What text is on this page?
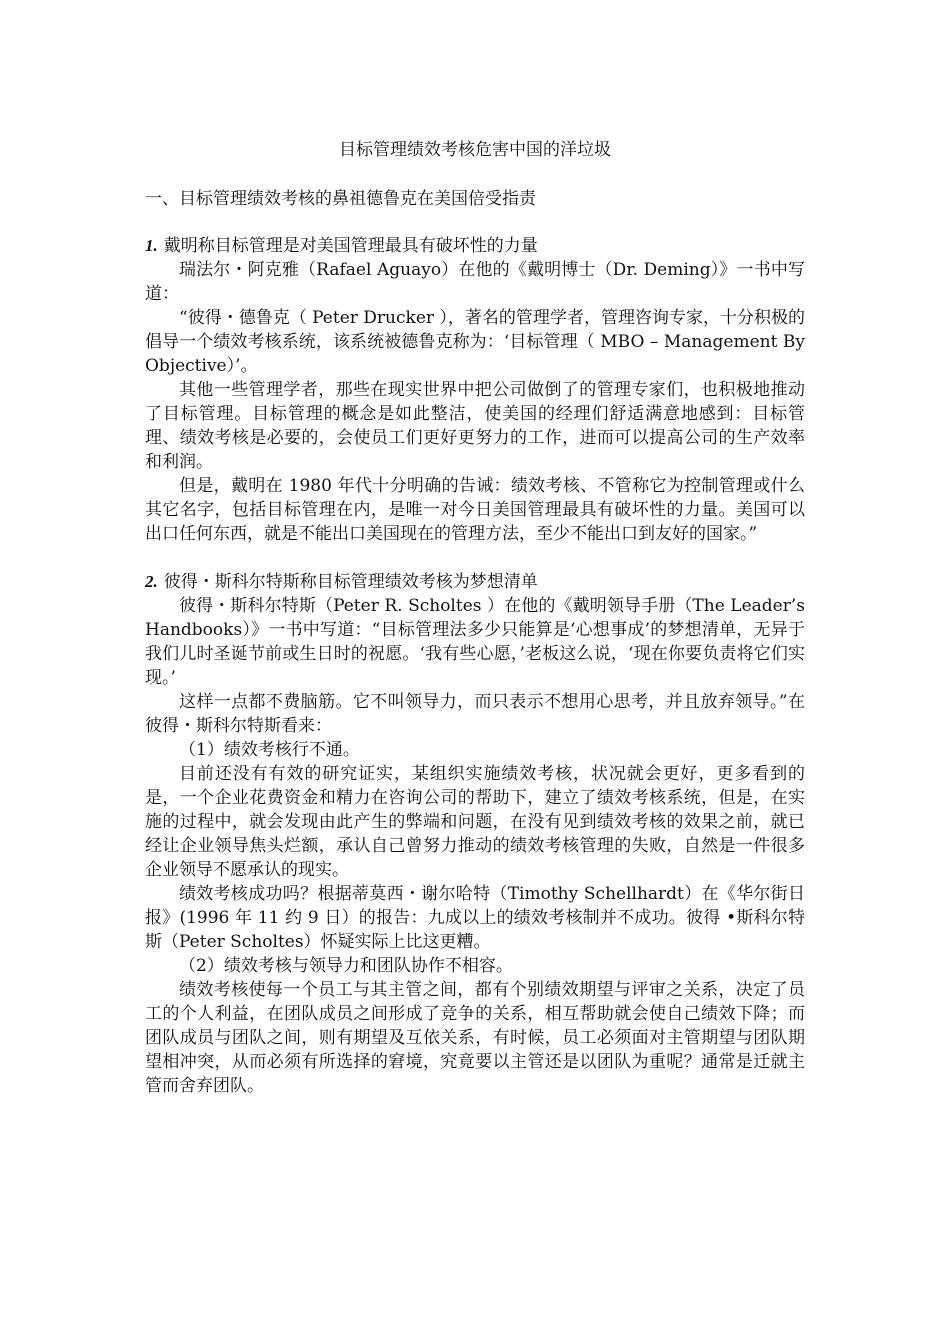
目标管理绩效考核危害中国的洋垃圾
一、目标管理绩效考核的鼻祖德鲁克在美国倍受指责
1. 戴明称目标管理是对美国管理最具有破坏性的力量

瑞法尔・阿克雅（Rafael Aguayo）在他的《戴明博士（Dr. Deming）》一书中写道：

“彼得・德鲁克（ Peter Drucker ），著名的管理学者，管理咨询专家，十分积极的倡导一个绩效考核系统，该系统被德鲁克称为：‘目标管理（ MBO – Management By Objective）’。

其他一些管理学者，那些在现实世界中把公司做倒了的管理专家们，也积极地推动了目标管理。目标管理的概念是如此整洁，使美国的经理们舒适满意地感到：目标管理、绩效考核是必要的，会使员工们更好更努力的工作，进而可以提高公司的生产效率和利润。

但是，戴明在 1980 年代十分明确的告诫：绩效考核、不管称它为控制管理或什么其它名字，包括目标管理在内，是唯一对今日美国管理最具有破坏性的力量。美国可以出口任何东西，就是不能出口美国现在的管理方法，至少不能出口到友好的国家。”

2. 彼得・斯科尔特斯称目标管理绩效考核为梦想清单

彼得・斯科尔特斯（Peter R. Scholtes ）在他的《戴明领导手册（The Leader’s Handbooks）》一书中写道：“目标管理法多少只能算是‘心想事成’的梦想清单，无异于我们儿时圣诞节前或生日时的祝愿。‘我有些心愿，’老板这么说，‘现在你要负责将它们实现。’

这样一点都不费脑筋。它不叫领导力，而只表示不想用心思考，并且放弃领导。”在彼得・斯科尔特斯看来：

（1）绩效考核行不通。

目前还没有有效的研究证实，某组织实施绩效考核，状况就会更好，更多看到的是，一个企业花费资金和精力在咨询公司的帮助下，建立了绩效考核系统，但是，在实施的过程中，就会发现由此产生的弊端和问题，在没有见到绩效考核的效果之前，就已经让企业领导焦头烂额，承认自己曾努力推动的绩效考核管理的失败，自然是一件很多企业领导不愿承认的现实。

绩效考核成功吗？根据蒂莫西・谢尔哈特（Timothy Schellhardt）在《华尔街日报》(1996 年 11 约 9 日）的报告：九成以上的绩效考核制并不成功。彼得 •斯科尔特斯（Peter Scholtes）怀疑实际上比这更糟。

（2）绩效考核与领导力和团队协作不相容。

绩效考核使每一个员工与其主管之间，都有个别绩效期望与评审之关系，决定了员工的个人利益，在团队成员之间形成了竞争的关系，相互帮助就会使自己绩效下降；而团队成员与团队之间，则有期望及互依关系，有时候，员工必须面对主管期望与团队期望相冲突，从而必须有所选择的窘境，究竟要以主管还是以团队为重呢？通常是迁就主管而舍弃团队。
